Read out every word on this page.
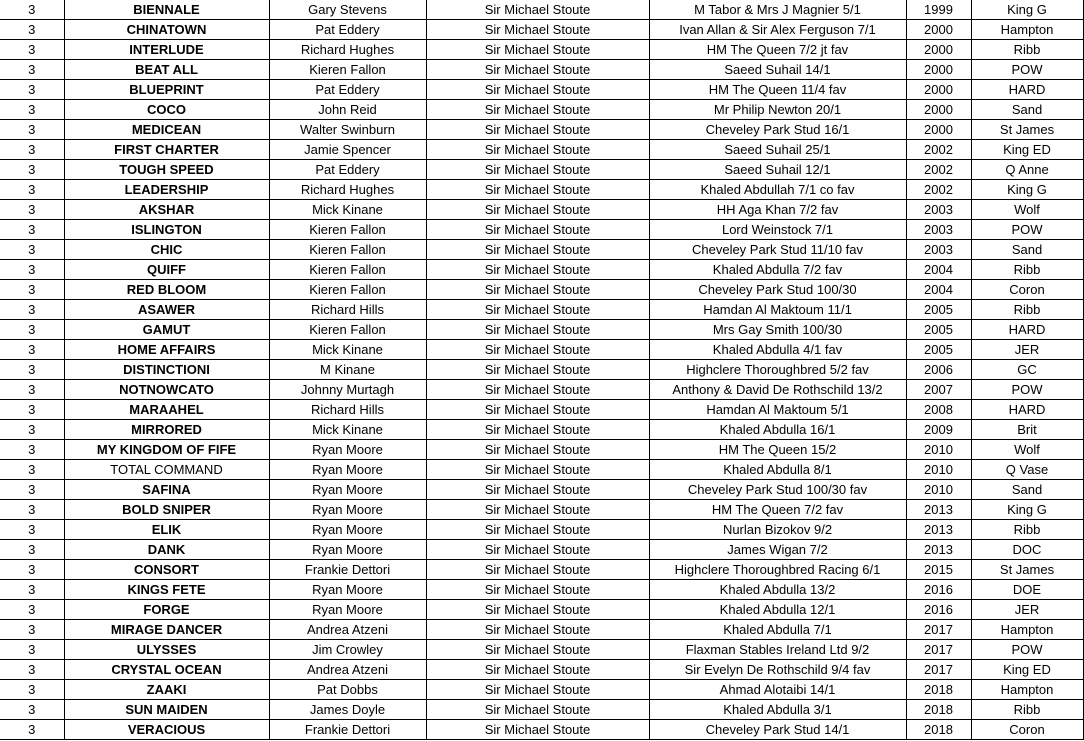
3	BIENNALE	Gary Stevens	Sir Michael Stoute	M Tabor & Mrs J Magnier 5/1	1999	King G
3	CHINATOWN	Pat Eddery	Sir Michael Stoute	Ivan Allan & Sir Alex Ferguson 7/1	2000	Hampton
3	INTERLUDE	Richard Hughes	Sir Michael Stoute	HM The Queen 7/2 jt fav	2000	Ribb
3	BEAT ALL	Kieren Fallon	Sir Michael Stoute	Saeed Suhail 14/1	2000	POW
3	BLUEPRINT	Pat Eddery	Sir Michael Stoute	HM The Queen 11/4 fav	2000	HARD
3	COCO	John Reid	Sir Michael Stoute	Mr Philip Newton 20/1	2000	Sand
3	MEDICEAN	Walter Swinburn	Sir Michael Stoute	Cheveley Park Stud 16/1	2000	St James
3	FIRST CHARTER	Jamie Spencer	Sir Michael Stoute	Saeed Suhail 25/1	2002	King ED
3	TOUGH SPEED	Pat Eddery	Sir Michael Stoute	Saeed Suhail 12/1	2002	Q Anne
3	LEADERSHIP	Richard Hughes	Sir Michael Stoute	Khaled Abdullah 7/1 co fav	2002	King G
3	AKSHAR	Mick Kinane	Sir Michael Stoute	HH Aga Khan 7/2 fav	2003	Wolf
3	ISLINGTON	Kieren Fallon	Sir Michael Stoute	Lord Weinstock 7/1	2003	POW
3	CHIC	Kieren Fallon	Sir Michael Stoute	Cheveley Park Stud 11/10 fav	2003	Sand
3	QUIFF	Kieren Fallon	Sir Michael Stoute	Khaled Abdulla 7/2 fav	2004	Ribb
3	RED BLOOM	Kieren Fallon	Sir Michael Stoute	Cheveley Park Stud 100/30	2004	Coron
3	ASAWER	Richard Hills	Sir Michael Stoute	Hamdan Al Maktoum 11/1	2005	Ribb
3	GAMUT	Kieren Fallon	Sir Michael Stoute	Mrs Gay Smith 100/30	2005	HARD
3	HOME AFFAIRS	Mick Kinane	Sir Michael Stoute	Khaled Abdulla 4/1 fav	2005	JER
3	DISTINCTIONI	M Kinane	Sir Michael Stoute	Highclere Thoroughbred 5/2 fav	2006	GC
3	NOTNOWCATO	Johnny Murtagh	Sir Michael Stoute	Anthony & David De Rothschild 13/2	2007	POW
3	MARAAHEL	Richard Hills	Sir Michael Stoute	Hamdan Al Maktoum 5/1	2008	HARD
3	MIRRORED	Mick Kinane	Sir Michael Stoute	Khaled Abdulla 16/1	2009	Brit
3	MY KINGDOM OF FIFE	Ryan Moore	Sir Michael Stoute	HM The Queen 15/2	2010	Wolf
3	TOTAL COMMAND	Ryan Moore	Sir Michael Stoute	Khaled Abdulla 8/1	2010	Q Vase
3	SAFINA	Ryan Moore	Sir Michael Stoute	Cheveley Park Stud 100/30 fav	2010	Sand
3	BOLD SNIPER	Ryan Moore	Sir Michael Stoute	HM The Queen 7/2 fav	2013	King G
3	ELIK	Ryan Moore	Sir Michael Stoute	Nurlan Bizokov 9/2	2013	Ribb
3	DANK	Ryan Moore	Sir Michael Stoute	James Wigan 7/2	2013	DOC
3	CONSORT	Frankie Dettori	Sir Michael Stoute	Highclere Thoroughbred Racing 6/1	2015	St James
3	KINGS FETE	Ryan Moore	Sir Michael Stoute	Khaled Abdulla 13/2	2016	DOE
3	FORGE	Ryan Moore	Sir Michael Stoute	Khaled Abdulla 12/1	2016	JER
3	MIRAGE DANCER	Andrea Atzeni	Sir Michael Stoute	Khaled Abdulla 7/1	2017	Hampton
3	ULYSSES	Jim Crowley	Sir Michael Stoute	Flaxman Stables Ireland Ltd 9/2	2017	POW
3	CRYSTAL OCEAN	Andrea Atzeni	Sir Michael Stoute	Sir Evelyn De Rothschild 9/4 fav	2017	King ED
3	ZAAKI	Pat Dobbs	Sir Michael Stoute	Ahmad Alotaibi 14/1	2018	Hampton
3	SUN MAIDEN	James Doyle	Sir Michael Stoute	Khaled Abdulla 3/1	2018	Ribb
3	VERACIOUS	Frankie Dettori	Sir Michael Stoute	Cheveley Park Stud 14/1	2018	Coron
